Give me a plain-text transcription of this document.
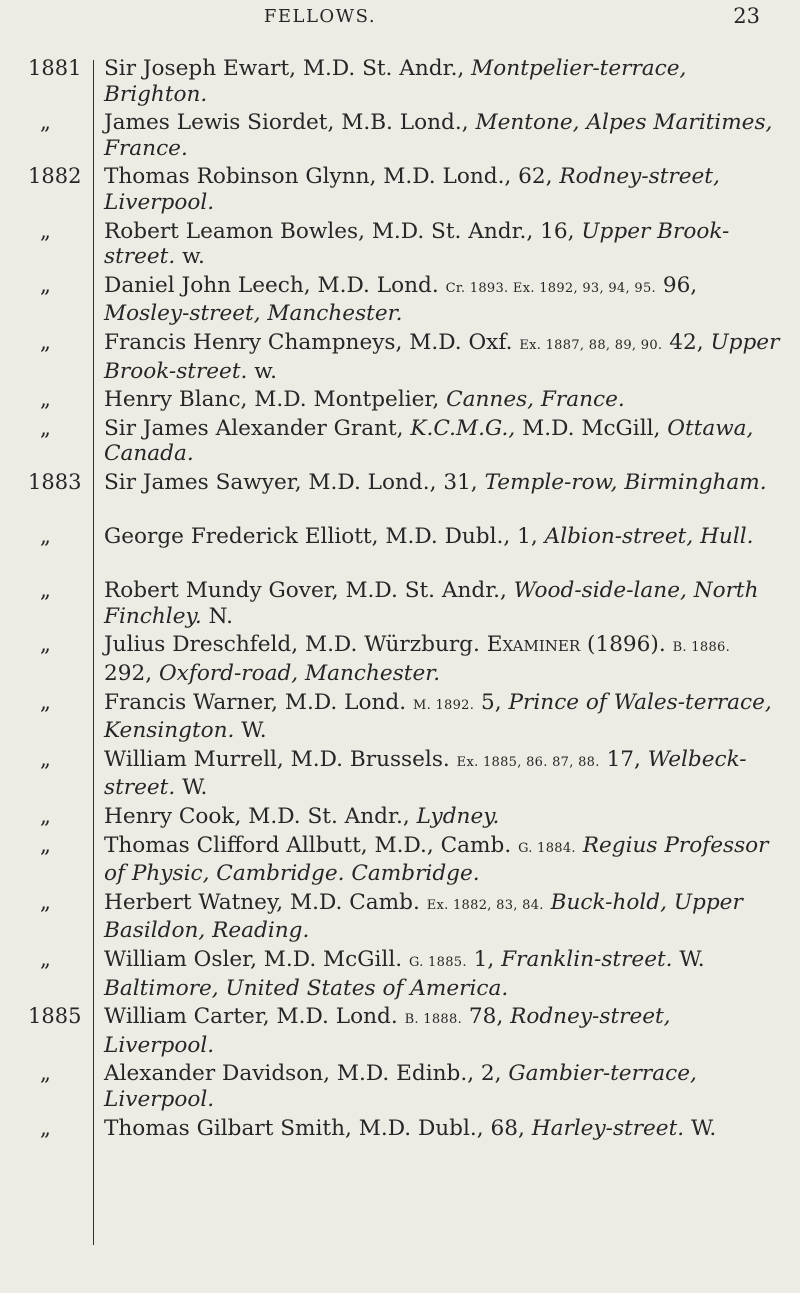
FELLOWS.	23
1881	Sir Joseph Ewart, M.D. St. Andr., Montpelier-terrace, Brighton.
„	James Lewis Siordet, M.B. Lond., Mentone, Alpes Maritimes, France.
1882	Thomas Robinson Glynn, M.D. Lond., 62, Rodney-street, Liverpool.
„	Robert Leamon Bowles, M.D. St. Andr., 16, Upper Brook-street. w.
„	Daniel John Leech, M.D. Lond. Cr. 1893. Ex. 1892, 93, 94, 95. 96, Mosley-street, Manchester.
„	Francis Henry Champneys, M.D. Oxf. Ex. 1887, 88, 89, 90. 42, Upper Brook-street. w.
„	Henry Blanc, M.D. Montpelier, Cannes, France.
„	Sir James Alexander Grant, K.C.M.G., M.D. McGill, Ottawa, Canada.
1883	Sir James Sawyer, M.D. Lond., 31, Temple-row, Birmingham.
„	George Frederick Elliott, M.D. Dubl., 1, Albion-street, Hull.
„	Robert Mundy Gover, M.D. St. Andr., Wood-side-lane, North Finchley. N.
„	Julius Dreschfeld, M.D. Würzburg. Examiner (1896). B. 1886. 292, Oxford-road, Manchester.
„	Francis Warner, M.D. Lond. M. 1892. 5, Prince of Wales-terrace, Kensington. W.
„	William Murrell, M.D. Brussels. Ex. 1885, 86. 87, 88. 17, Welbeck-street. W.
„	Henry Cook, M.D. St. Andr., Lydney.
„	Thomas Clifford Allbutt, M.D., Camb. G. 1884. Regius Professor of Physic, Cambridge. Cambridge.
„	Herbert Watney, M.D. Camb. Ex. 1882, 83, 84. Buck-hold, Upper Basildon, Reading.
„	William Osler, M.D. McGill. G. 1885. 1, Franklin-street. W. Baltimore, United States of America.
1885	William Carter, M.D. Lond. B. 1888. 78, Rodney-street, Liverpool.
„	Alexander Davidson, M.D. Edinb., 2, Gambier-terrace, Liverpool.
„	Thomas Gilbart Smith, M.D. Dubl., 68, Harley-street. W.
